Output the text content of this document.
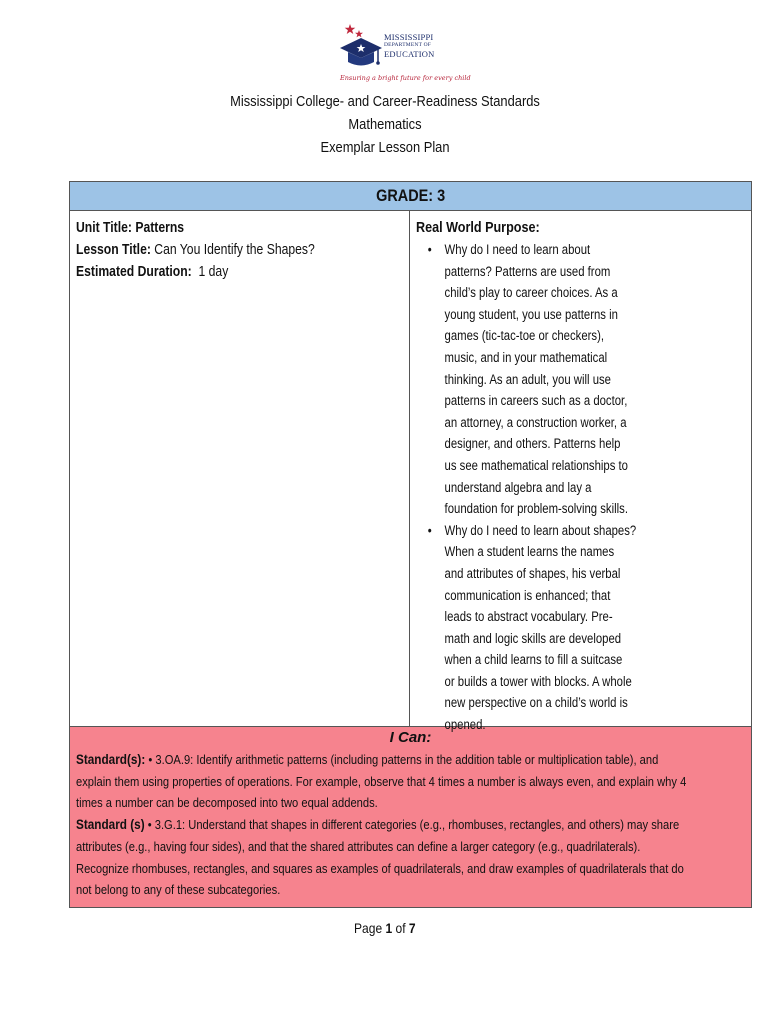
MISSISSIPPI
DEPARTMENT OF
EDUCATION
Ensuring a bright future for every child
Mississippi College- and Career-Readiness Standards
Mathematics
Exemplar Lesson Plan
GRADE: 3
Unit Title: Patterns
Lesson Title: Can You Identify the Shapes?
Estimated Duration: 1 day
Real World Purpose:
• Why do I need to learn about
patterns? Patterns are used from
child’s play to career choices. As a
young student, you use patterns in
games (tic-tac-toe or checkers),
music, and in your mathematical
thinking. As an adult, you will use
patterns in careers such as a doctor,
an attorney, a construction worker, a
designer, and others. Patterns help
us see mathematical relationships to
understand algebra and lay a
foundation for problem-solving skills.
• Why do I need to learn about shapes?
When a student learns the names
and attributes of shapes, his verbal
communication is enhanced; that
leads to abstract vocabulary. Pre-
math and logic skills are developed
when a child learns to fill a suitcase
or builds a tower with blocks. A whole
new perspective on a child’s world is
opened.
I Can:
Standard(s): • 3.OA.9: Identify arithmetic patterns (including patterns in the addition table or multiplication table), and
explain them using properties of operations. For example, observe that 4 times a number is always even, and explain why 4
times a number can be decomposed into two equal addends.
Standard (s) • 3.G.1: Understand that shapes in different categories (e.g., rhombuses, rectangles, and others) may share
attributes (e.g., having four sides), and that the shared attributes can define a larger category (e.g., quadrilaterals).
Recognize rhombuses, rectangles, and squares as examples of quadrilaterals, and draw examples of quadrilaterals that do
not belong to any of these subcategories.
Page 1 of 7
